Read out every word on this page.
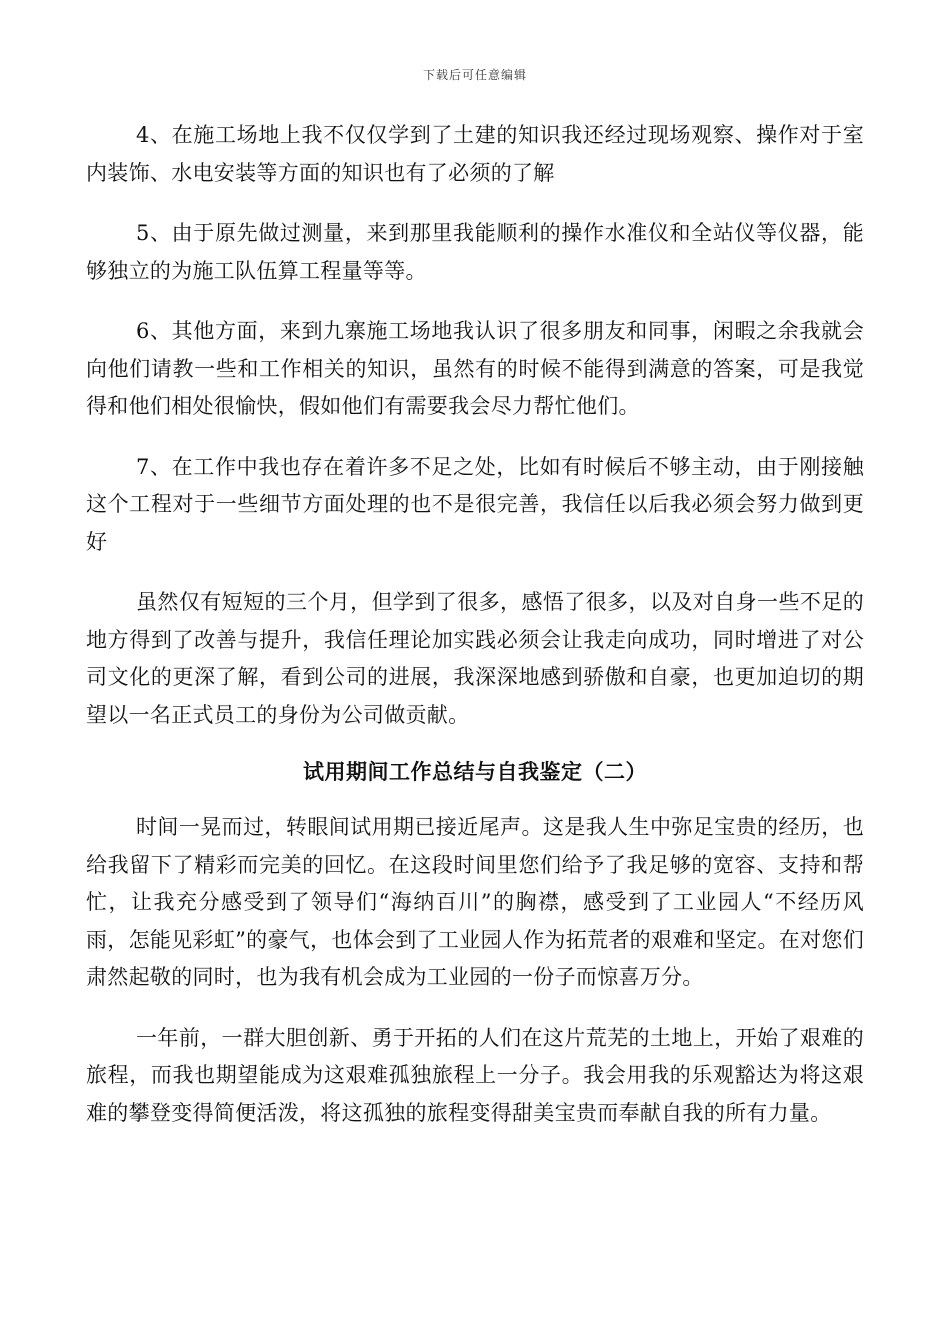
下载后可任意编辑

4、在施工场地上我不仅仅学到了土建的知识我还经过现场观察、操作对于室内装饰、水电安装等方面的知识也有了必须的了解

5、由于原先做过测量，来到那里我能顺利的操作水准仪和全站仪等仪器，能够独立的为施工队伍算工程量等等。

6、其他方面，来到九寨施工场地我认识了很多朋友和同事，闲暇之余我就会向他们请教一些和工作相关的知识，虽然有的时候不能得到满意的答案，可是我觉得和他们相处很愉快，假如他们有需要我会尽力帮忙他们。

7、在工作中我也存在着许多不足之处，比如有时候后不够主动，由于刚接触这个工程对于一些细节方面处理的也不是很完善，我信任以后我必须会努力做到更好

虽然仅有短短的三个月，但学到了很多，感悟了很多，以及对自身一些不足的地方得到了改善与提升，我信任理论加实践必须会让我走向成功，同时增进了对公司文化的更深了解，看到公司的进展，我深深地感到骄傲和自豪，也更加迫切的期望以一名正式员工的身份为公司做贡献。

试用期间工作总结与自我鉴定（二）

时间一晃而过，转眼间试用期已接近尾声。这是我人生中弥足宝贵的经历，也给我留下了精彩而完美的回忆。在这段时间里您们给予了我足够的宽容、支持和帮忙，让我充分感受到了领导们“海纳百川”的胸襟，感受到了工业园人“不经历风雨，怎能见彩虹”的豪气，也体会到了工业园人作为拓荒者的艰难和坚定。在对您们肃然起敬的同时，也为我有机会成为工业园的一份子而惊喜万分。

一年前，一群大胆创新、勇于开拓的人们在这片荒芜的土地上，开始了艰难的旅程，而我也期望能成为这艰难孤独旅程上一分子。我会用我的乐观豁达为将这艰难的攀登变得简便活泼，将这孤独的旅程变得甜美宝贵而奉献自我的所有力量。
